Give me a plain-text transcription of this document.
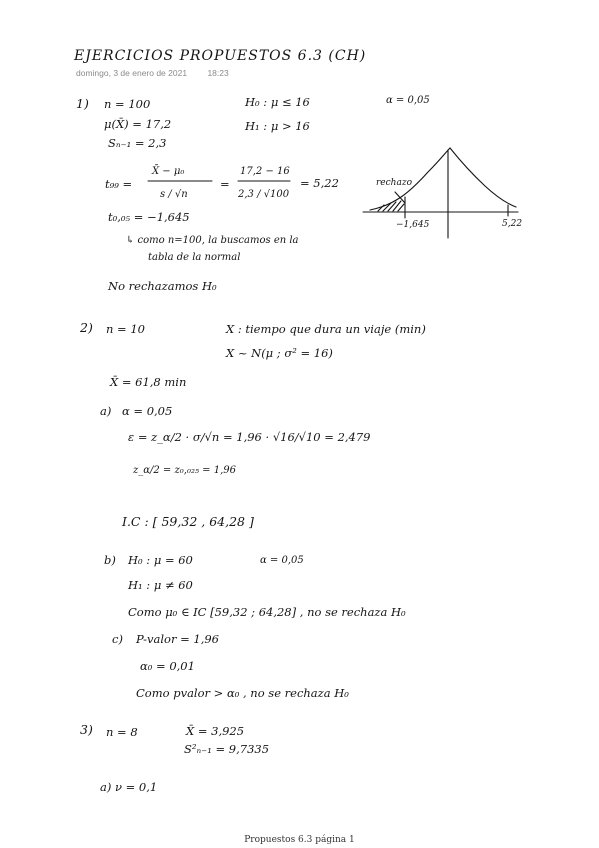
EJERCICIOS PROPUESTOS 6.3 (CH)
domingo, 3 de enero de 2021 18:23
1) n = 100	H₀ : μ ≤ 16	α = 0,05
μ(X̄) = 17,2	H₁ : μ > 16
Sₙ₋₁ = 2,3
t₉₉ =
X̄ − μ₀
s / √n
=
17,2 − 16
2,3 / √100
= 5,22
t₀,₀₅ = −1,645
↳ como n=100, la buscamos en la
tabla de la normal
No rechazamos H₀
rechazo
−1,645	5,22
2) n = 10	X : tiempo que dura un viaje (min)
X ~ N(μ ; σ² = 16)
X̄ = 61,8 min
a) α = 0,05
ε = z_α/2 · σ/√n = 1,96 · √16/√10 = 2,479
z_α/2 = z₀,₀₂₅ = 1,96
I.C : [ 59,32 , 64,28 ]
b) H₀ : μ = 60	α = 0,05
H₁ : μ ≠ 60
Como μ₀ ∈ IC [59,32 ; 64,28] , no se rechaza H₀
c) P-valor = 1,96
α₀ = 0,01
Como pvalor > α₀ , no se rechaza H₀
3) n = 8	X̄ = 3,925
S²ₙ₋₁ = 9,7335
a) ν = 0,1
Propuestos 6.3 página 1
